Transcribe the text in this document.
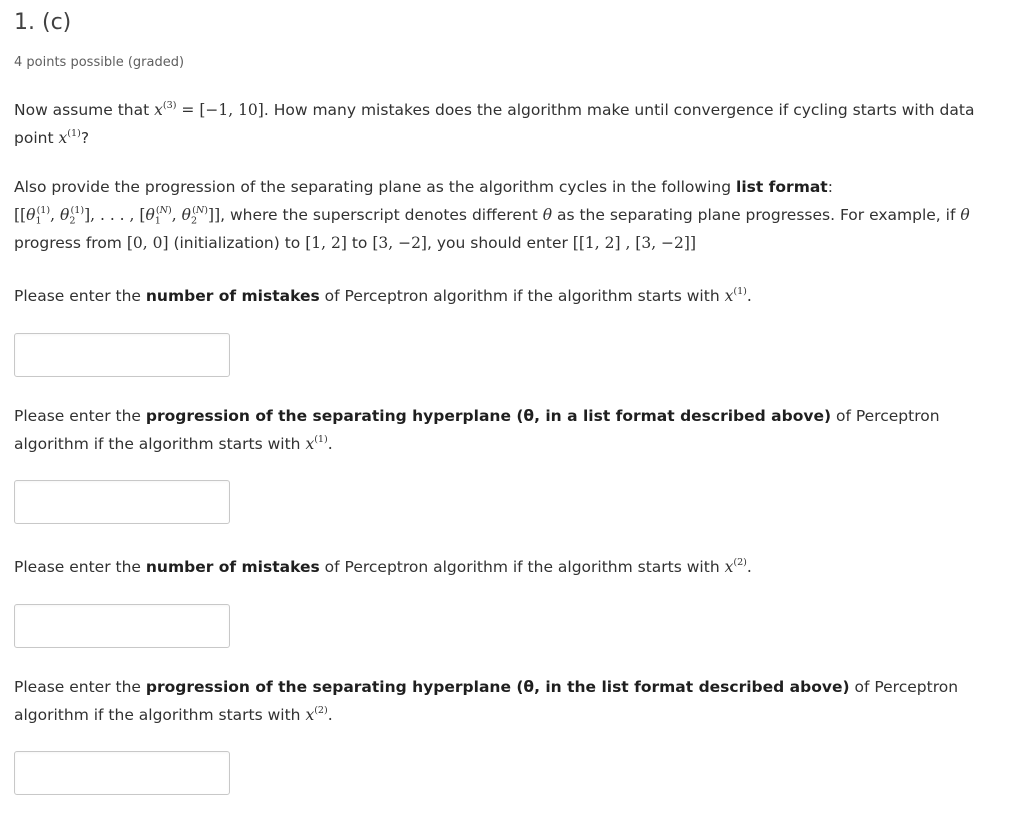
1. (c)
4 points possible (graded)
Now assume that $x^{(3)} = [-1$, 10]. How many mistakes does the algorithm make until convergence if cycling starts with data point $x^{(1)}$?
Also provide the progression of the separating plane as the algorithm cycles in the following list format:
[[$\theta_1^{(1)}$, $\theta_2^{(1)}$], . . . , [$\theta_1^{(N)}$, $\theta_2^{(N)}$]], where the superscript denotes different θ as the separating plane progresses. For example, if θ progress from [0, 0] (initialization) to [1, 2] to [3, −2], you should enter [[1, 2] , [3, −2]]
Please enter the number of mistakes of Perceptron algorithm if the algorithm starts with $x^{(1)}$.
Please enter the progression of the separating hyperplane (θ, in a list format described above) of Perceptron algorithm if the algorithm starts with $x^{(1)}$.
Please enter the number of mistakes of Perceptron algorithm if the algorithm starts with $x^{(2)}$.
Please enter the progression of the separating hyperplane (θ, in the list format described above) of Perceptron algorithm if the algorithm starts with $x^{(2)}$.
